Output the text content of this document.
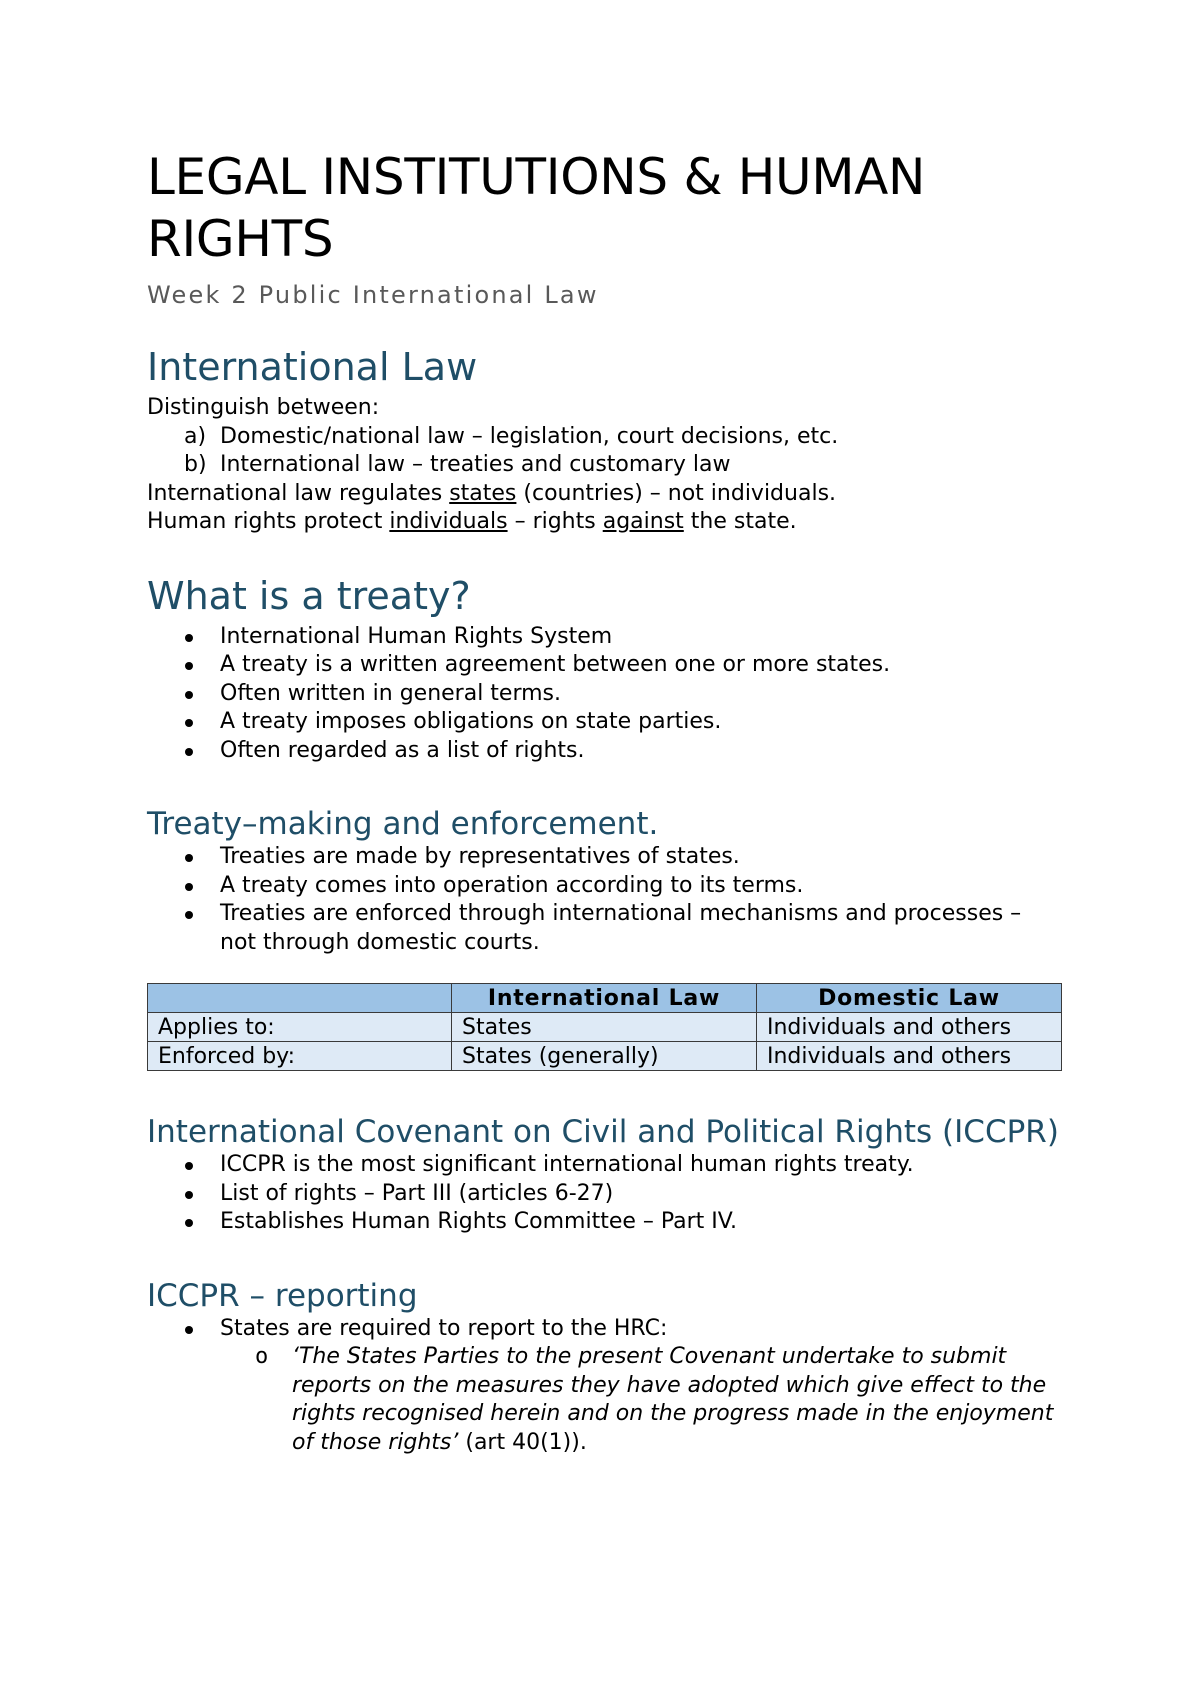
LEGAL INSTITUTIONS & HUMAN RIGHTS
Week 2 Public International Law
International Law

Distinguish between:

a) Domestic/national law – legislation, court decisions, etc.
b) International law – treaties and customary law

International law regulates states (countries) – not individuals.

Human rights protect individuals – rights against the state.

What is a treaty?
International Human Rights System
A treaty is a written agreement between one or more states.
Often written in general terms.
A treaty imposes obligations on state parties.
Often regarded as a list of rights.
Treaty–making and enforcement.
Treaties are made by representatives of states.
A treaty comes into operation according to its terms.
Treaties are enforced through international mechanisms and processes – not through domestic courts.
	International Law	Domestic Law
Applies to:	States	Individuals and others
Enforced by:	States (generally)	Individuals and others
International Covenant on Civil and Political Rights (ICCPR)
ICCPR is the most significant international human rights treaty.
List of rights – Part III (articles 6-27)
Establishes Human Rights Committee – Part IV.
ICCPR – reporting
States are required to report to the HRC:
o ‘The States Parties to the present Covenant undertake to submit reports on the measures they have adopted which give effect to the rights recognised herein and on the progress made in the enjoyment of those rights’ (art 40(1)).
